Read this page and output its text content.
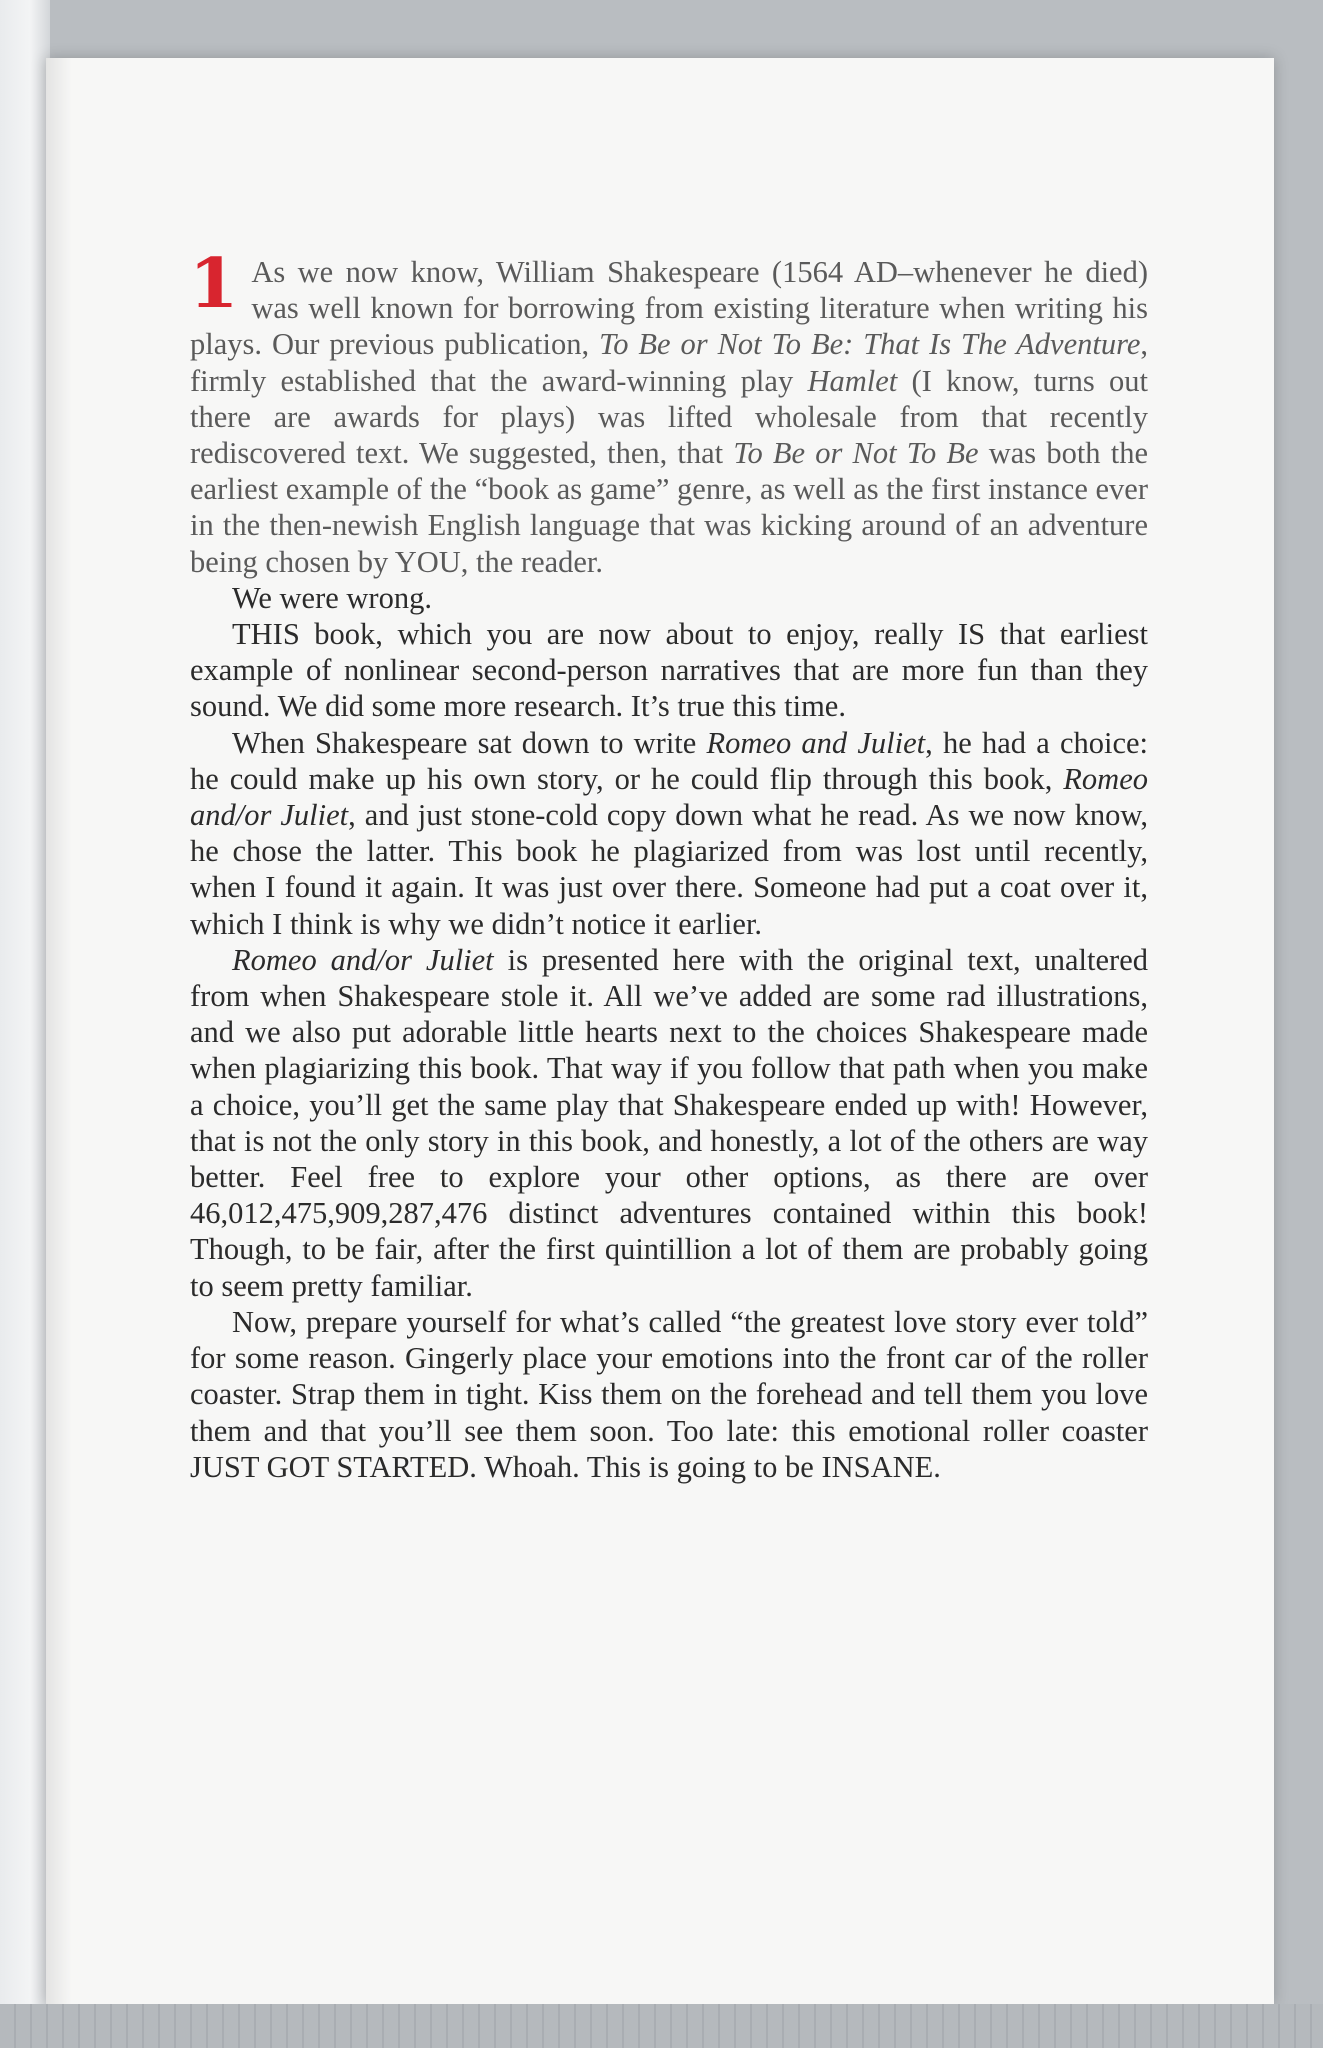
1 As we now know, William Shakespeare (1564 AD–whenever he died) was well known for borrowing from existing literature when writing his plays. Our previous publication, To Be or Not To Be: That Is The Adventure, firmly established that the award-winning play Hamlet (I know, turns out there are awards for plays) was lifted wholesale from that recently rediscovered text. We suggested, then, that To Be or Not To Be was both the earliest example of the “book as game” genre, as well as the first instance ever in the then-newish English language that was kicking around of an adventure being chosen by YOU, the reader.

We were wrong.

THIS book, which you are now about to enjoy, really IS that earliest example of nonlinear second-person narratives that are more fun than they sound. We did some more research. It’s true this time.

When Shakespeare sat down to write Romeo and Juliet, he had a choice: he could make up his own story, or he could flip through this book, Romeo and/or Juliet, and just stone-cold copy down what he read. As we now know, he chose the latter. This book he plagiarized from was lost until recently, when I found it again. It was just over there. Someone had put a coat over it, which I think is why we didn’t notice it earlier.

Romeo and/or Juliet is presented here with the original text, unaltered from when Shakespeare stole it. All we’ve added are some rad illustrations, and we also put adorable little hearts next to the choices Shakespeare made when plagiarizing this book. That way if you follow that path when you make a choice, you’ll get the same play that Shakespeare ended up with! However, that is not the only story in this book, and honestly, a lot of the others are way better. Feel free to explore your other options, as there are over 46,012,475,909,287,476 distinct adventures contained within this book! Though, to be fair, after the first quintillion a lot of them are probably going to seem pretty familiar.

Now, prepare yourself for what’s called “the greatest love story ever told” for some reason. Gingerly place your emotions into the front car of the roller coaster. Strap them in tight. Kiss them on the forehead and tell them you love them and that you’ll see them soon. Too late: this emotional roller coaster JUST GOT STARTED. Whoah. This is going to be INSANE.
